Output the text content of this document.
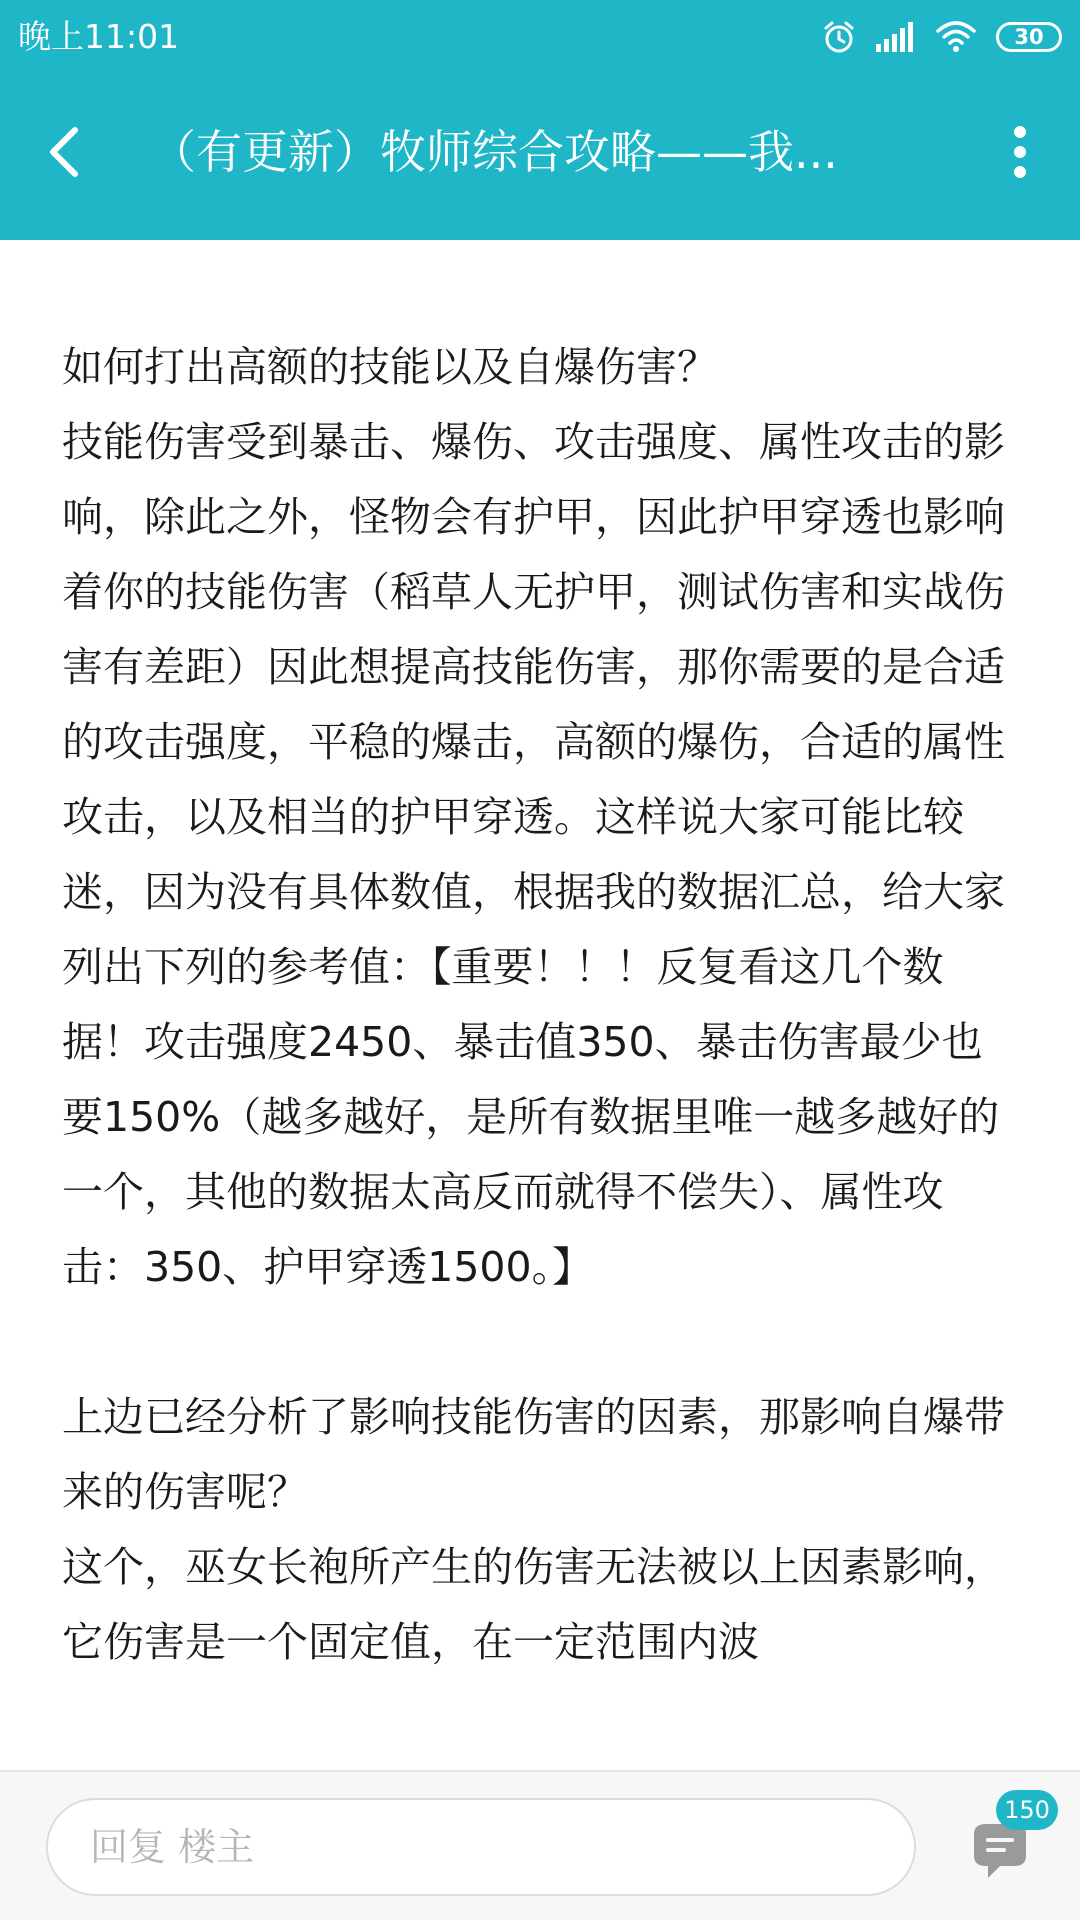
晚上11:01	30
（有更新）牧师综合攻略——我...

如何打出高额的技能以及自爆伤害？

技能伤害受到暴击、爆伤、攻击强度、属性攻击的影响，除此之外，怪物会有护甲，因此护甲穿透也影响着你的技能伤害（稻草人无护甲，测试伤害和实战伤害有差距）因此想提高技能伤害，那你需要的是合适的攻击强度，平稳的爆击，高额的爆伤，合适的属性攻击，以及相当的护甲穿透。这样说大家可能比较迷，因为没有具体数值，根据我的数据汇总，给大家列出下列的参考值：【重要！！！反复看这几个数据！攻击强度2450、暴击值350、暴击伤害最少也要150%（越多越好，是所有数据里唯一越多越好的一个，其他的数据太高反而就得不偿失）、属性攻击：350、护甲穿透1500。】

上边已经分析了影响技能伤害的因素，那影响自爆带来的伤害呢？

这个，巫女长袍所产生的伤害无法被以上因素影响，它伤害是一个固定值，在一定范围内波

回复 楼主
150
